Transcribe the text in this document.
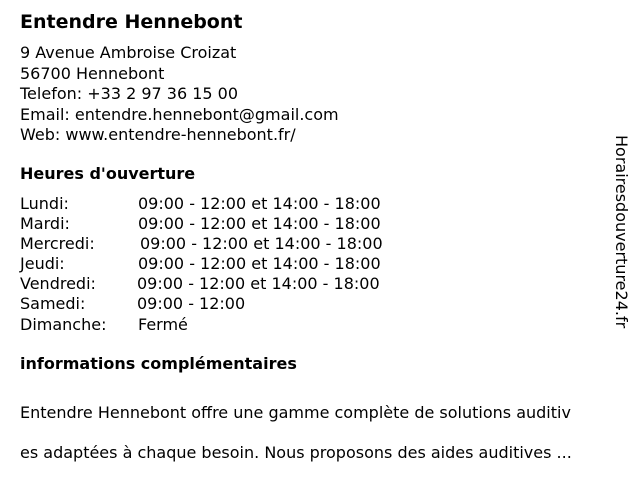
Entendre Hennebont
9 Avenue Ambroise Croizat
56700 Hennebont
Telefon: +33 2 97 36 15 00
Email: entendre.hennebont@gmail.com
Web: www.entendre-hennebont.fr/
Heures d'ouverture
Lundi:	09:00 - 12:00 et 14:00 - 18:00
Mardi:	09:00 - 12:00 et 14:00 - 18:00
Mercredi:	09:00 - 12:00 et 14:00 - 18:00
Jeudi:	09:00 - 12:00 et 14:00 - 18:00
Vendredi:	09:00 - 12:00 et 14:00 - 18:00
Samedi:	09:00 - 12:00
Dimanche: Fermé
informations complémentaires

Entendre Hennebont offre une gamme complète de solutions auditiv

es adaptées à chaque besoin. Nous proposons des aides auditives ...

Horairesdouverture24.fr
